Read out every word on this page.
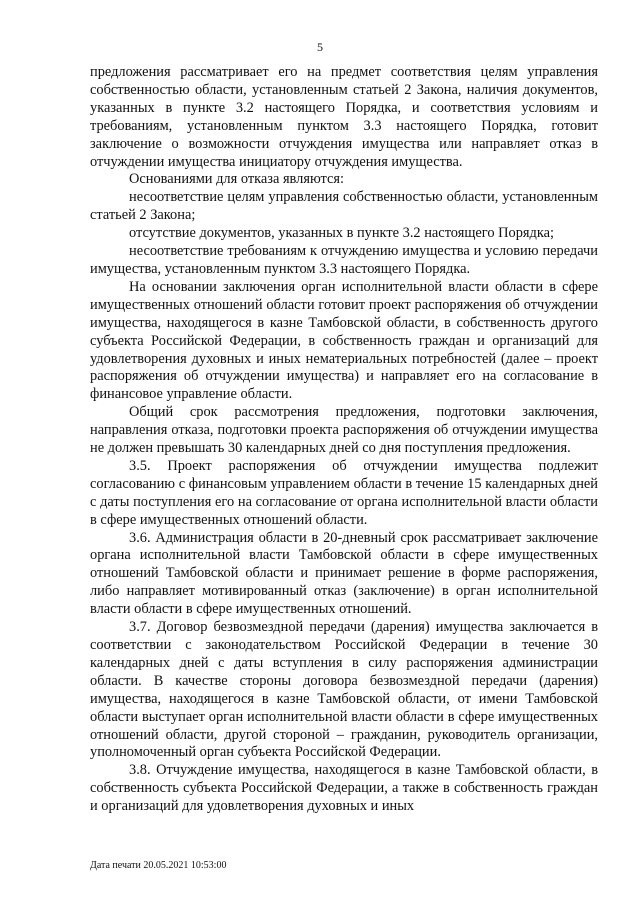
5

предложения рассматривает его на предмет соответствия целям управления собственностью области, установленным статьей 2 Закона, наличия документов, указанных в пункте 3.2 настоящего Порядка, и соответствия условиям и требованиям, установленным пунктом 3.3 настоящего Порядка, готовит заключение о возможности отчуждения имущества или направляет отказ в отчуждении имущества инициатору отчуждения имущества.

Основаниями для отказа являются:

несоответствие целям управления собственностью области, установленным статьей 2 Закона;

отсутствие документов, указанных в пункте 3.2 настоящего Порядка;

несоответствие требованиям к отчуждению имущества и условию передачи имущества, установленным пунктом 3.3 настоящего Порядка.

На основании заключения орган исполнительной власти области в сфере имущественных отношений области готовит проект распоряжения об отчуждении имущества, находящегося в казне Тамбовской области, в собственность другого субъекта Российской Федерации, в собственность граждан и организаций для удовлетворения духовных и иных нематериальных потребностей (далее – проект распоряжения об отчуждении имущества) и направляет его на согласование в финансовое управление области.

Общий срок рассмотрения предложения, подготовки заключения, направления отказа, подготовки проекта распоряжения об отчуждении имущества не должен превышать 30 календарных дней со дня поступления предложения.

3.5. Проект распоряжения об отчуждении имущества подлежит согласованию с финансовым управлением области в течение 15 календарных дней с даты поступления его на согласование от органа исполнительной власти области в сфере имущественных отношений области.

3.6. Администрация области в 20-дневный срок рассматривает заключение органа исполнительной власти Тамбовской области в сфере имущественных отношений Тамбовской области и принимает решение в форме распоряжения, либо направляет мотивированный отказ (заключение) в орган исполнительной власти области в сфере имущественных отношений.

3.7. Договор безвозмездной передачи (дарения) имущества заключается в соответствии с законодательством Российской Федерации в течение 30 календарных дней с даты вступления в силу распоряжения администрации области. В качестве стороны договора безвозмездной передачи (дарения) имущества, находящегося в казне Тамбовской области, от имени Тамбовской области выступает орган исполнительной власти области в сфере имущественных отношений области, другой стороной – гражданин, руководитель организации, уполномоченный орган субъекта Российской Федерации.

3.8. Отчуждение имущества, находящегося в казне Тамбовской области, в собственность субъекта Российской Федерации, а также в собственность граждан и организаций для удовлетворения духовных и иных

Дата печати 20.05.2021 10:53:00
